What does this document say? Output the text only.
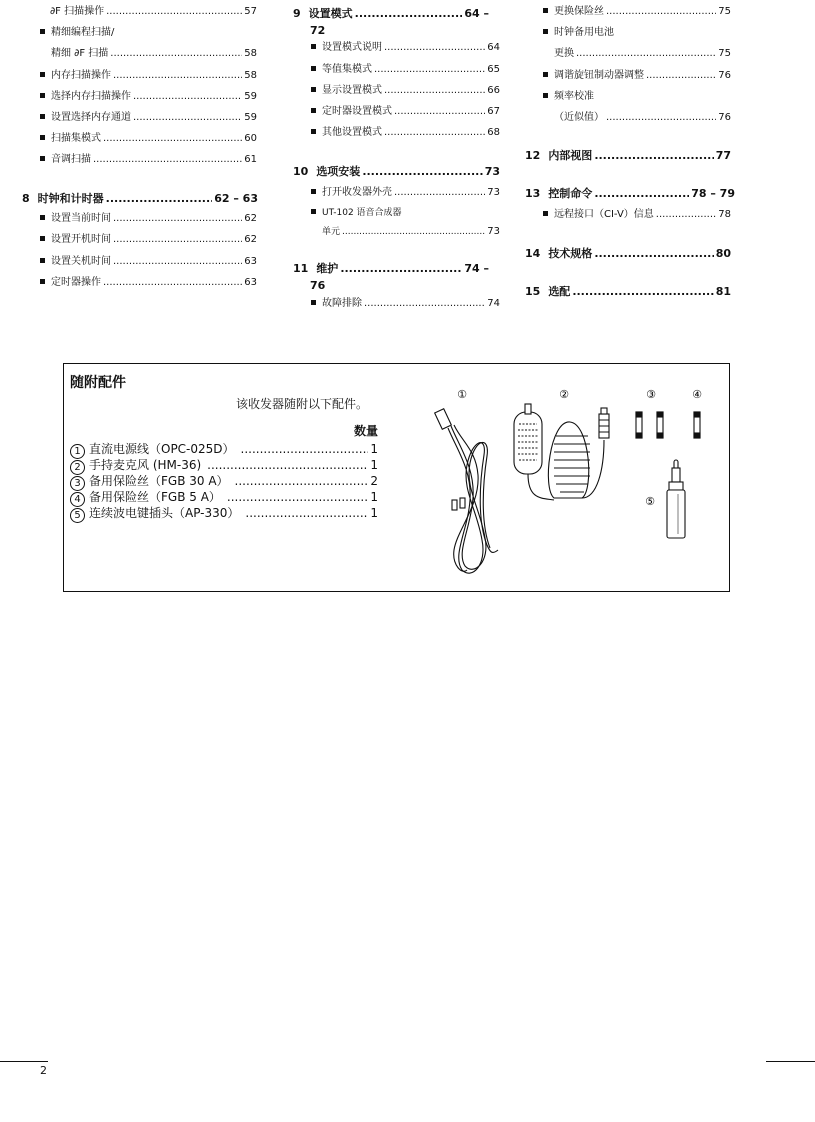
∂F 扫描操作 .....	57
精细编程扫描/
精细 ∂F 扫描 .....	58
内存扫描操作 .....	58
选择内存扫描操作 .....	59
设置选择内存通道 .....	59
扫描集模式 .....	60
音调扫描 .....	61
8 时钟和计时器 .....	62 – 63
设置当前时间 .....	62
设置开机时间 .....	62
设置关机时间 .....	63
定时器操作 .....	63
9 设置模式 .....	64 –
72
设置模式说明 .....	64
等值集模式 .....	65
显示设置模式 .....	66
定时器设置模式 .....	67
其他设置模式 .....	68
10 选项安装 .....	73
打开收发器外壳 .....	73
UT-102 语音合成器
单元 .....	73
11 维护 .....	74 –
76
故障排除 .....	74
更换保险丝 .....	75
时钟备用电池
更换 .....	75
调谐旋钮制动器调整 .....	76
频率校准
（近似值） .....	76
12 内部视图 .....	77
13 控制命令 .....	78 – 79
远程接口（CI-V）信息 .....	78
14 技术规格 .....	80
15 选配 .....	81
随附配件
该收发器随附以下配件。
数量
1 直流电源线（OPC-025D） .....	1
2 手持麦克风 (HM-36) .....	1
3 备用保险丝（FGB 30 A） .....	2
4 备用保险丝（FGB 5 A） .....	1
5 连续波电键插头（AP-330） .....	1
①	②	③	④
⑤
2
